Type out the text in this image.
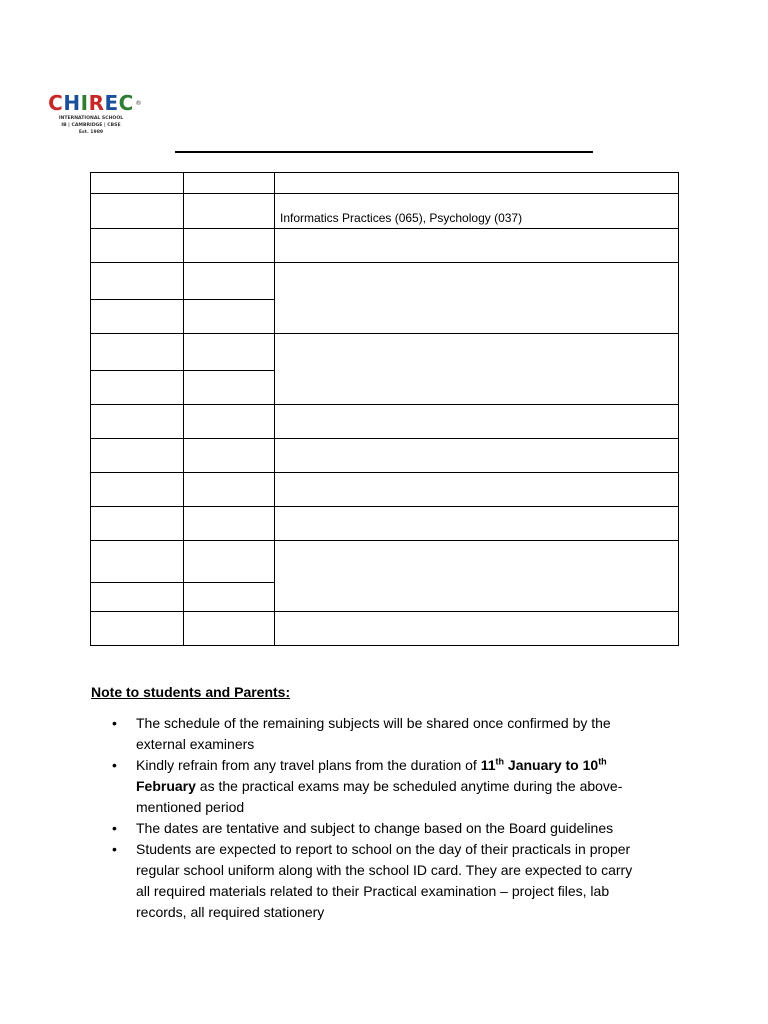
CHIREC ®
INTERNATIONAL SCHOOL
IB | CAMBRIDGE | CBSE
Est. 1989

		Informatics Practices (065), Psychology (037)

Note to students and Parents:
• The schedule of the remaining subjects will be shared once confirmed by the
external examiners
• Kindly refrain from any travel plans from the duration of 11th January to 10th
February as the practical exams may be scheduled anytime during the above-
mentioned period
• The dates are tentative and subject to change based on the Board guidelines
• Students are expected to report to school on the day of their practicals in proper
regular school uniform along with the school ID card. They are expected to carry
all required materials related to their Practical examination – project files, lab
records, all required stationery
